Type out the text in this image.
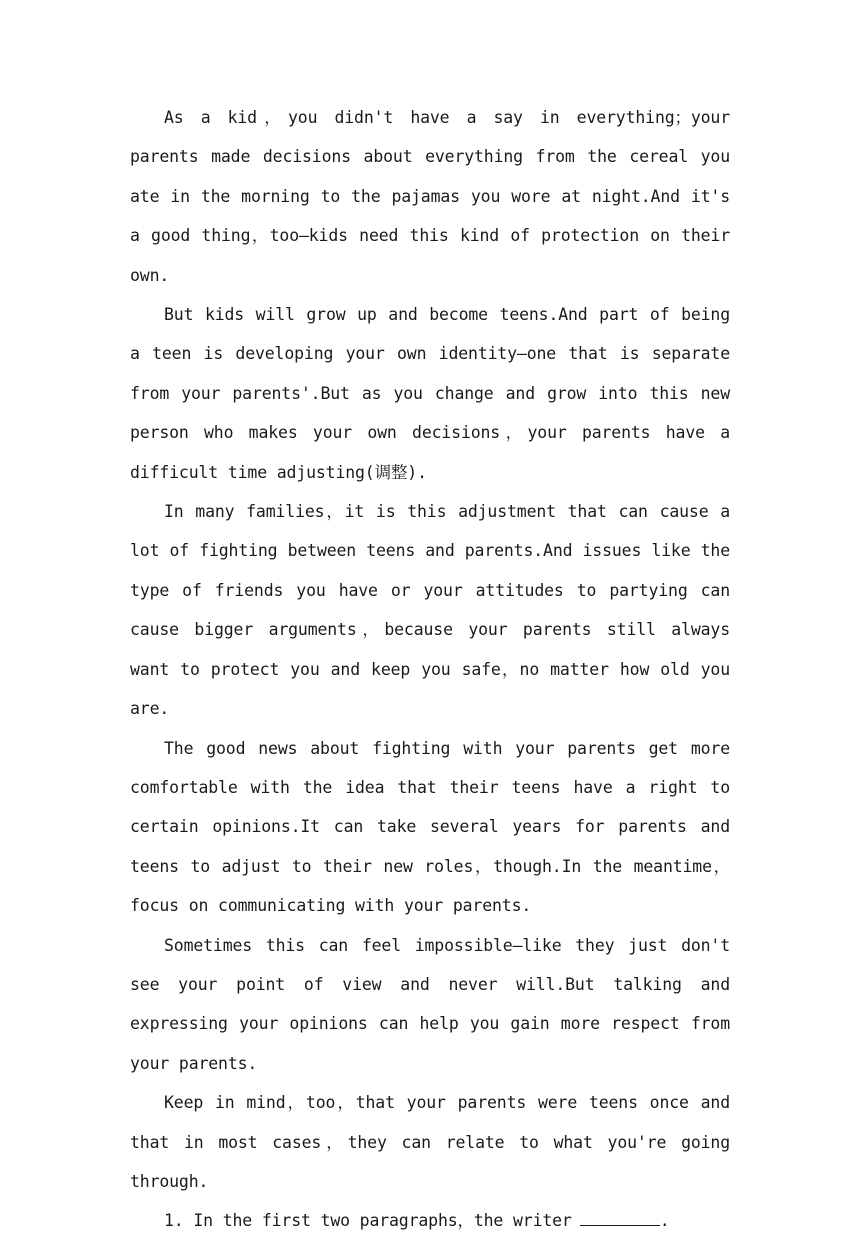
As a kid，you didn't have a say in everything；your parents made decisions about everything from the cereal you ate in the morning to the pajamas you wore at night.And it's a good thing，too—kids need this kind of protection on their own.

But kids will grow up and become teens.And part of being a teen is developing your own identity—one that is separate from your parents'.But as you change and grow into this new person who makes your own decisions，your parents have a difficult time adjusting(调整).

In many families，it is this adjustment that can cause a lot of fighting between teens and parents.And issues like the type of friends you have or your attitudes to partying can cause bigger arguments，because your parents still always want to protect you and keep you safe，no matter how old you are.

The good news about fighting with your parents get more comfortable with the idea that their teens have a right to certain opinions.It can take several years for parents and teens to adjust to their new roles，though.In the meantime，focus on communicating with your parents.

Sometimes this can feel impossible—like they just don't see your point of view and never will.But talking and expressing your opinions can help you gain more respect from your parents.

Keep in mind，too，that your parents were teens once and that in most cases，they can relate to what you're going through.

1. In the first two paragraphs，the writer	.
